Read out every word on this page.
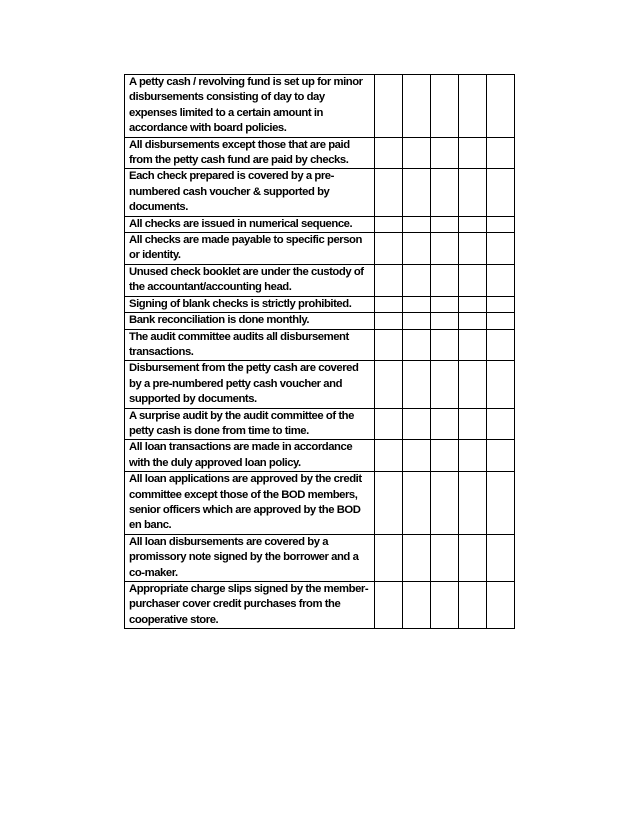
A petty cash / revolving fund is set up for minor disbursements consisting of day to day expenses limited to a certain amount in accordance with board policies.					
All disbursements except those that are paid from the petty cash fund are paid by checks.					
Each check prepared is covered by a pre-numbered cash voucher & supported by documents.					
All checks are issued in numerical sequence.					
All checks are made payable to specific person or identity.					
Unused check booklet are under the custody of the accountant/accounting head.					
Signing of blank checks is strictly prohibited.					
Bank reconciliation is done monthly.					
The audit committee audits all disbursement transactions.					
Disbursement from the petty cash are covered by a pre-numbered petty cash voucher and supported by documents.					
A surprise audit by the audit committee of the petty cash is done from time to time.					
All loan transactions are made in accordance with the duly approved loan policy.					
All loan applications are approved by the credit committee except those of the BOD members, senior officers which are approved by the BOD en banc.					
All loan disbursements are covered by a promissory note signed by the borrower and a co-maker.					
Appropriate charge slips signed by the member-purchaser cover credit purchases from the cooperative store.					
